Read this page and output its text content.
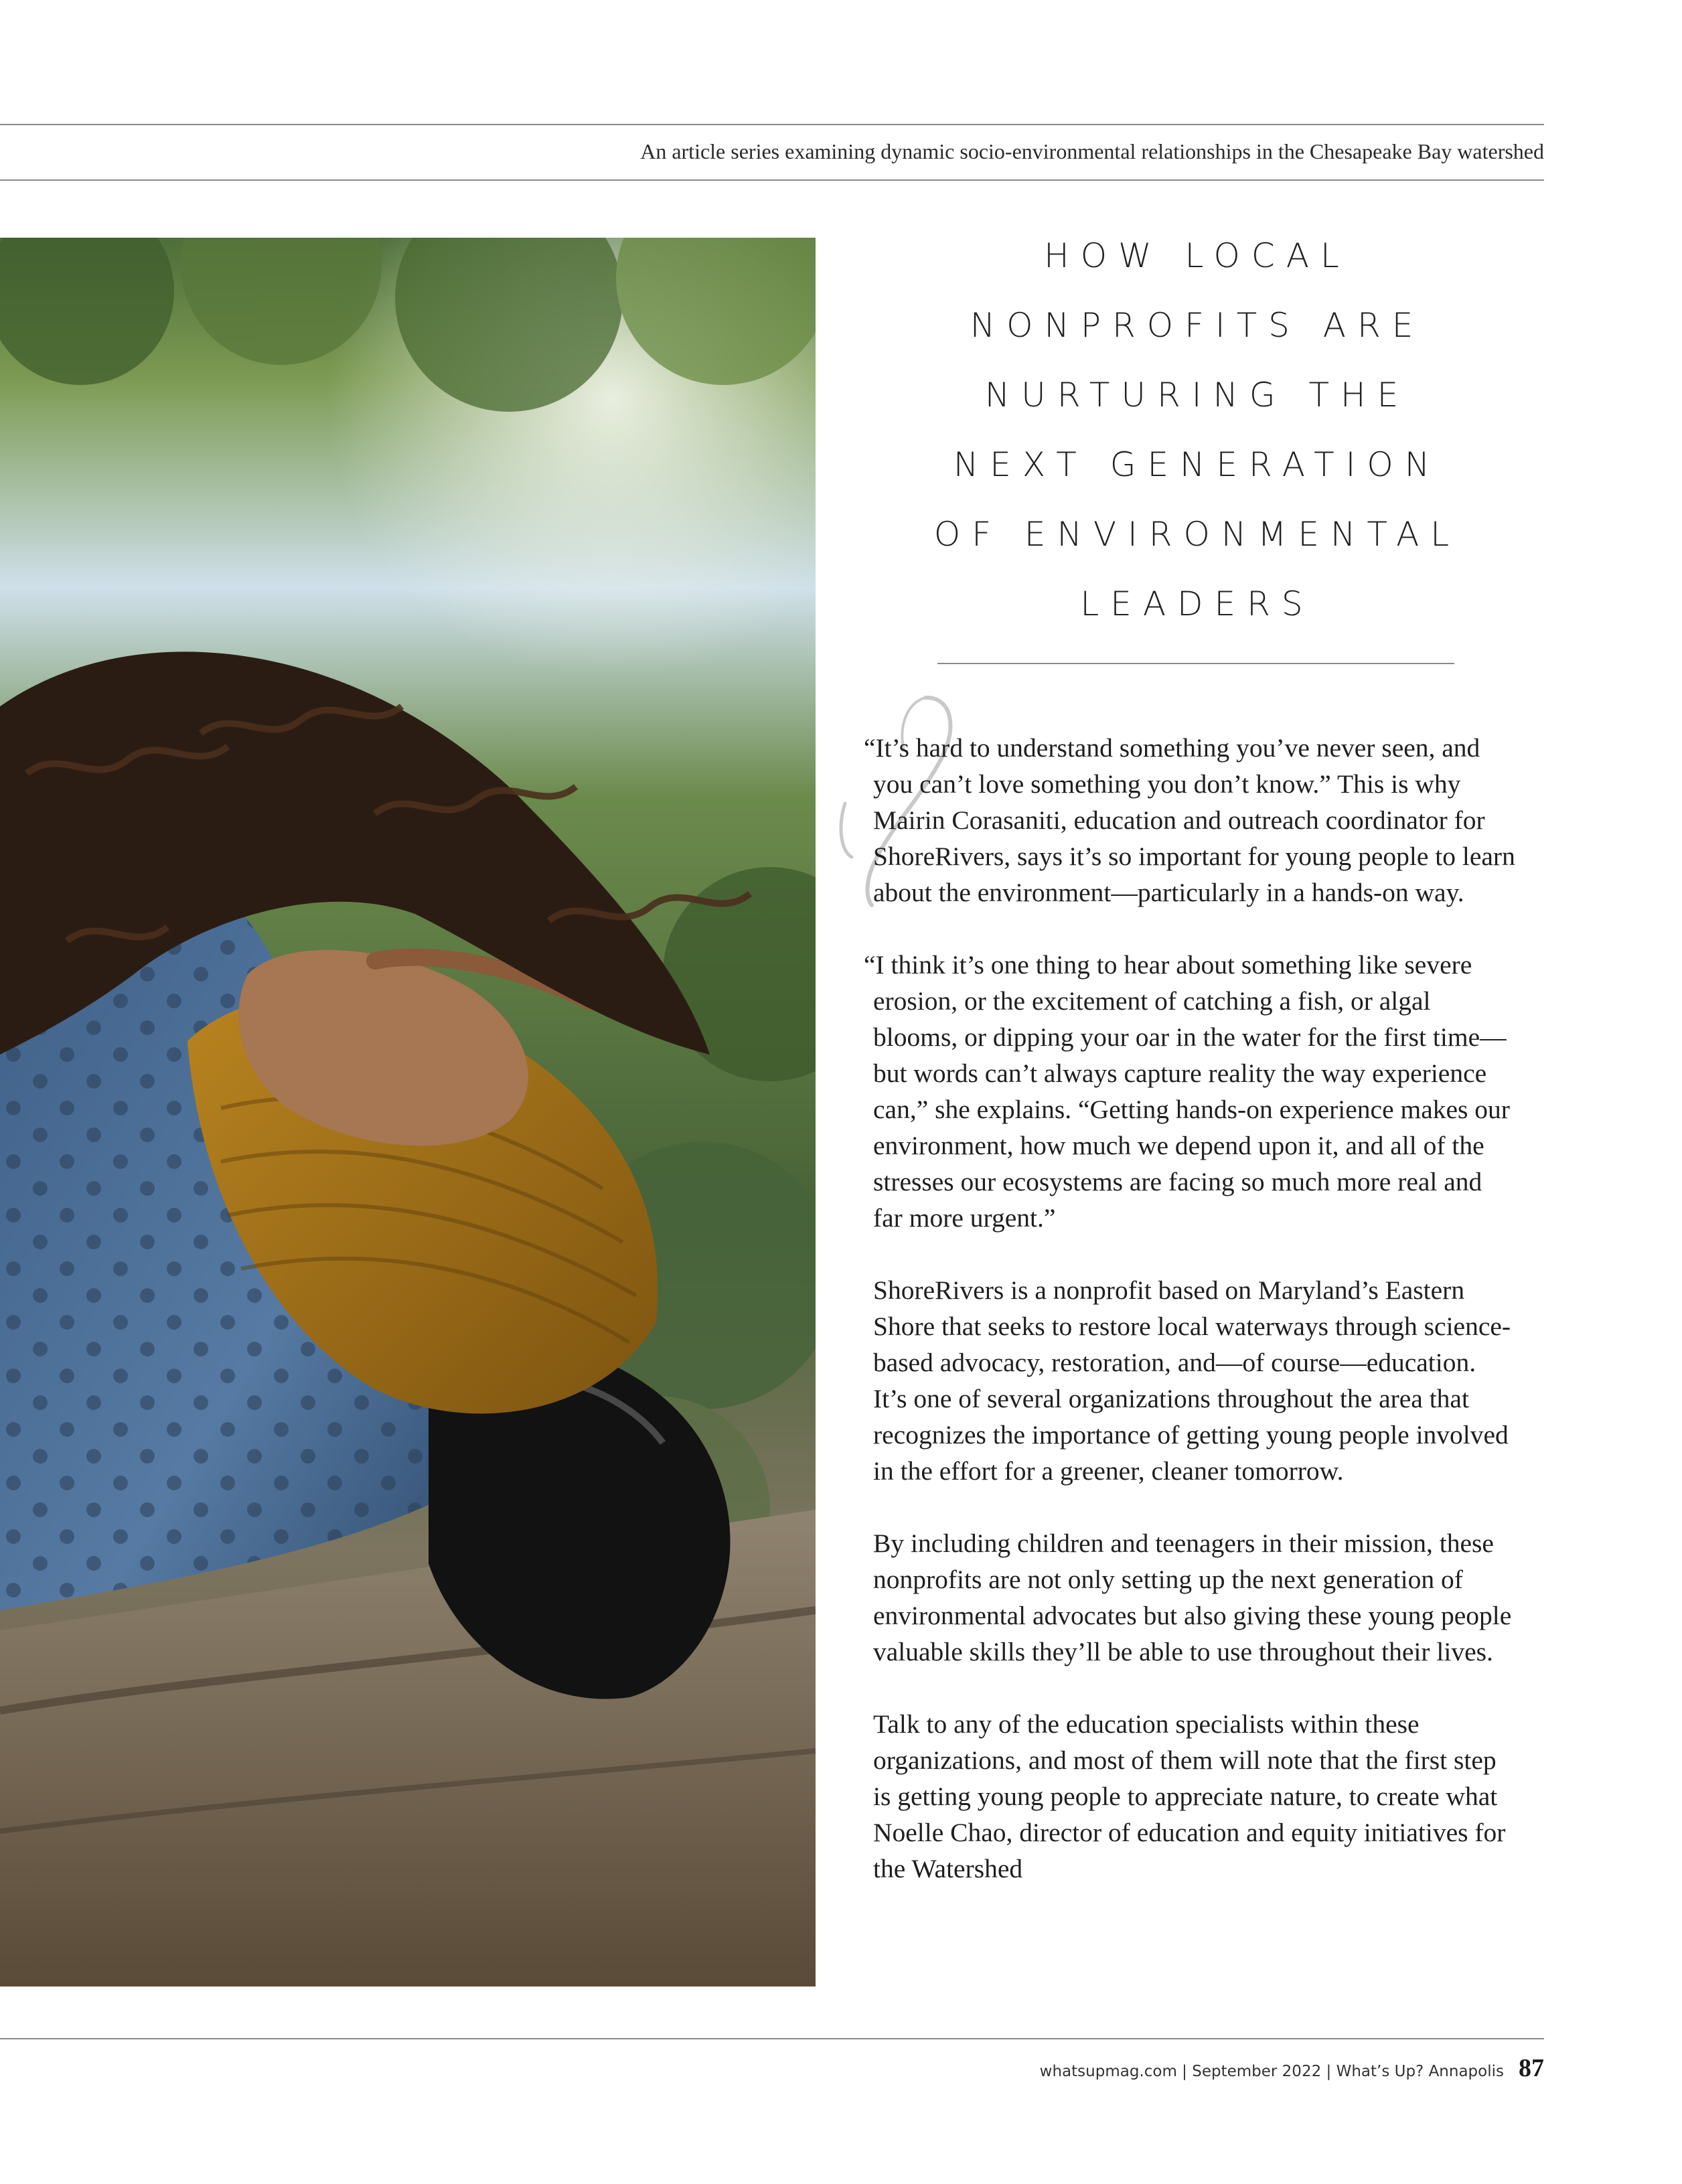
An article series examining dynamic socio-environmental relationships in the Chesapeake Bay watershed
HOW LOCAL
NONPROFITS ARE
NURTURING THE
NEXT GENERATION
OF ENVIRONMENTAL
LEADERS

“It’s hard to understand something you’ve never seen, and you can’t love something you don’t know.” This is why Mairin Corasaniti, education and outreach coordinator for ShoreRivers, says it’s so important for young people to learn about the environment—particularly in a hands-on way.

“I think it’s one thing to hear about something like severe erosion, or the excitement of catching a fish, or algal blooms, or dipping your oar in the water for the first time—but words can’t always capture reality the way experience can,” she explains. “Getting hands-on experience makes our environment, how much we depend upon it, and all of the stresses our ecosystems are facing so much more real and far more urgent.”

ShoreRivers is a nonprofit based on Maryland’s Eastern Shore that seeks to restore local waterways through science-based advocacy, restoration, and—of course—education. It’s one of several organizations throughout the area that recognizes the importance of getting young people involved in the effort for a greener, cleaner tomorrow.

By including children and teenagers in their mission, these nonprofits are not only setting up the next generation of environmental advocates but also giving these young people valuable skills they’ll be able to use throughout their lives.

Talk to any of the education specialists within these organizations, and most of them will note that the first step is getting young people to appreciate nature, to create what Noelle Chao, director of education and equity initiatives for the Watershed

whatsupmag.com | September 2022 | What’s Up? Annapolis 87
